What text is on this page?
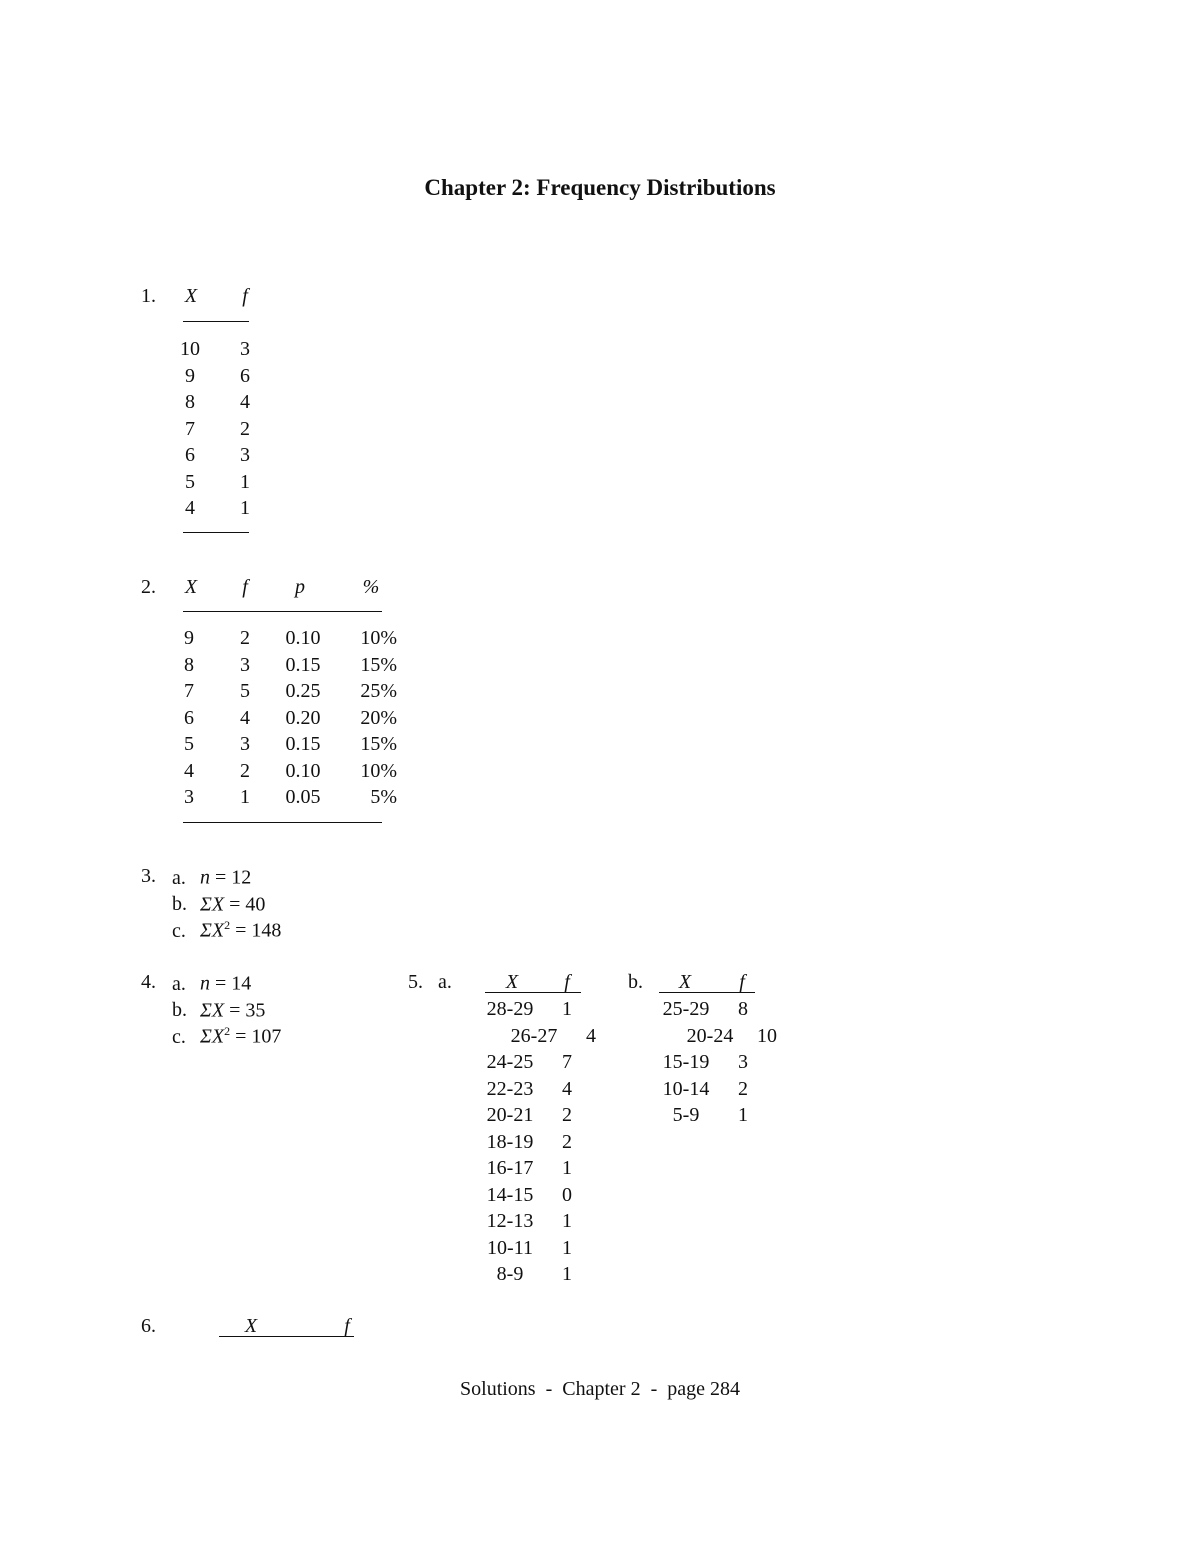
Chapter 2: Frequency Distributions
1.	X	f
10	3
9	6
8	4
7	2
6	3
5	1
4	1
2.	X	f	p	%
9	2	0.10	10%
8	3	0.15	15%
7	5	0.25	25%
6	4	0.20	20%
5	3	0.15	15%
4	2	0.10	10%
3	1	0.05	5%
3. a. n = 12
b. ΣX = 40
c. $\Sigma X^2 = 148$
4. a. n = 14
b. ΣX = 35
c. $\Sigma X^2 = 107$
5. a.	X	f
28-29	1
26-27	4
24-25	7
22-23	4
20-21	2
18-19	2
16-17	1
14-15	0
12-13	1
10-11	1
8-9	1
b.	X	f
25-29	8
20-24	10
15-19	3
10-14	2
5-9	1
6.	X	f
Solutions  -  Chapter 2  -  page 284
